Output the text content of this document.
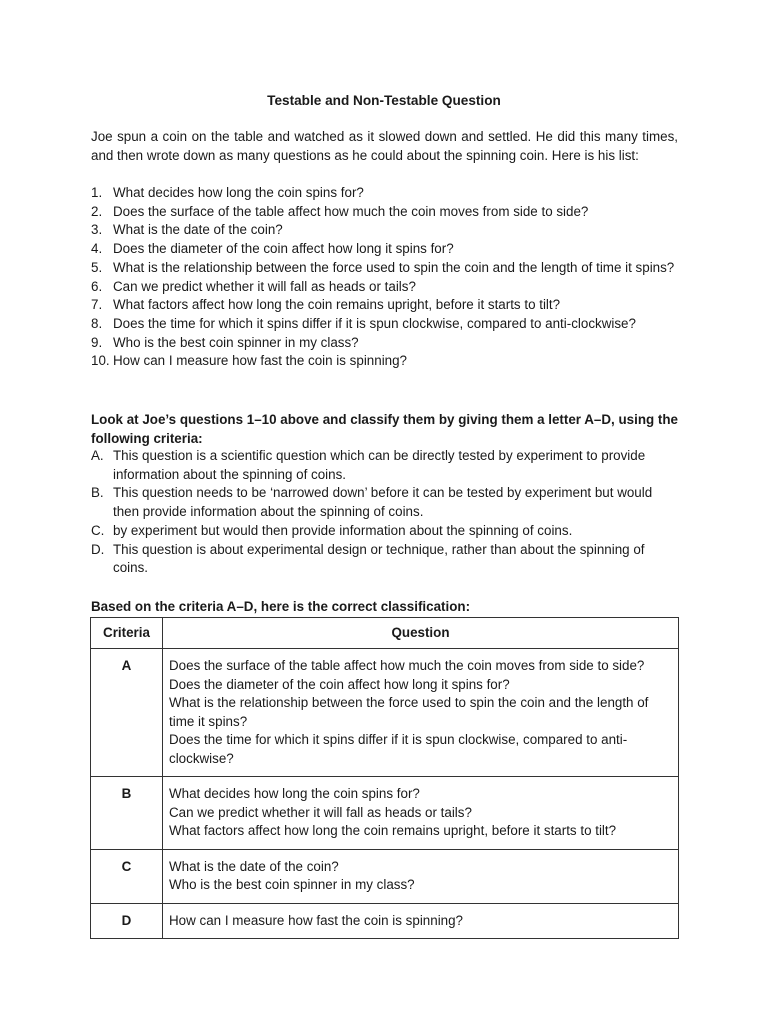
Testable and Non-Testable Question
Joe spun a coin on the table and watched as it slowed down and settled. He did this many times, and then wrote down as many questions as he could about the spinning coin. Here is his list:
1. What decides how long the coin spins for?
2. Does the surface of the table affect how much the coin moves from side to side?
3. What is the date of the coin?
4. Does the diameter of the coin affect how long it spins for?
5. What is the relationship between the force used to spin the coin and the length of time it spins?
6. Can we predict whether it will fall as heads or tails?
7. What factors affect how long the coin remains upright, before it starts to tilt?
8. Does the time for which it spins differ if it is spun clockwise, compared to anti-clockwise?
9. Who is the best coin spinner in my class?
10. How can I measure how fast the coin is spinning?
Look at Joe’s questions 1–10 above and classify them by giving them a letter A–D, using the following criteria:
A. This question is a scientific question which can be directly tested by experiment to provide information about the spinning of coins.
B. This question needs to be ‘narrowed down’ before it can be tested by experiment but would then provide information about the spinning of coins.
C. by experiment but would then provide information about the spinning of coins.
D. This question is about experimental design or technique, rather than about the spinning of coins.
Based on the criteria A–D, here is the correct classification:
Criteria	Question
A	Does the surface of the table affect how much the coin moves from side to side?
Does the diameter of the coin affect how long it spins for?
What is the relationship between the force used to spin the coin and the length of time it spins?
Does the time for which it spins differ if it is spun clockwise, compared to anti-clockwise?

B	What decides how long the coin spins for?
Can we predict whether it will fall as heads or tails?
What factors affect how long the coin remains upright, before it starts to tilt?

C	What is the date of the coin?
Who is the best coin spinner in my class?

D	How can I measure how fast the coin is spinning?
